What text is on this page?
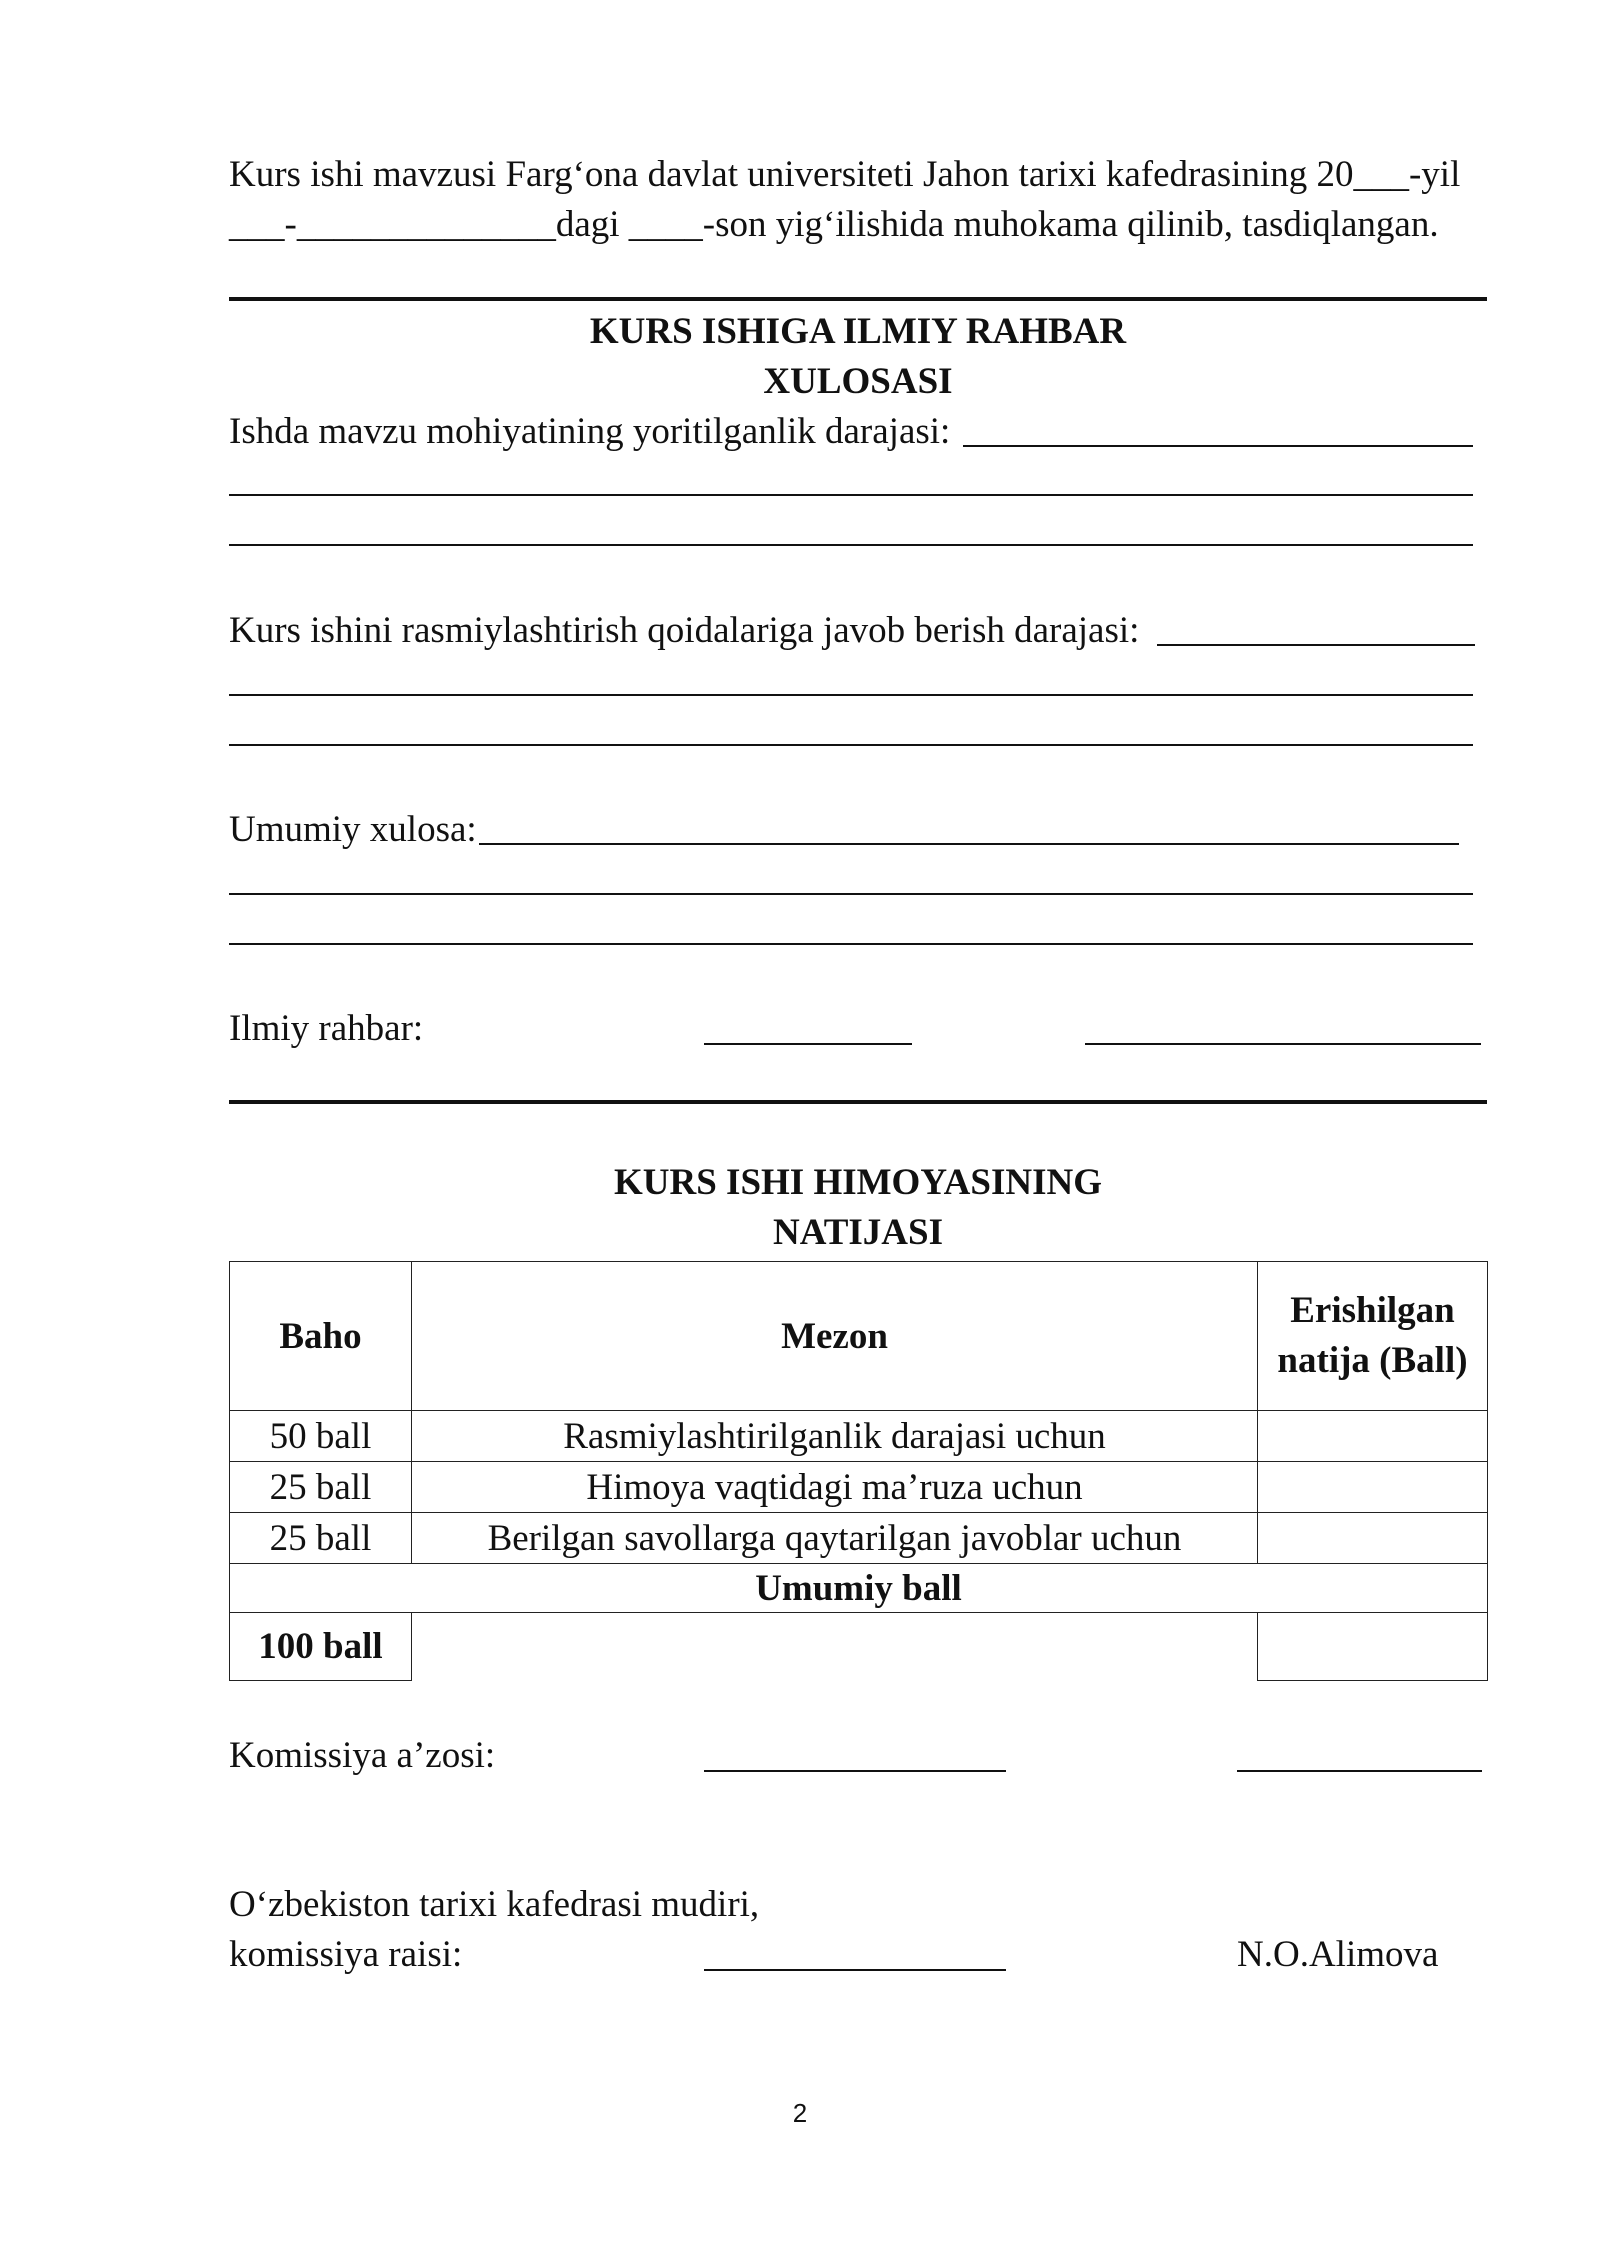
Kurs ishi mavzusi Farg‘ona davlat universiteti Jahon tarixi kafedrasining 20___-yil
___-______________dagi ____-son yig‘ilishida muhokama qilinib, tasdiqlangan.
KURS ISHIGA ILMIY RAHBAR
XULOSASI
Ishda mavzu mohiyatining yoritilganlik darajasi:
Kurs ishini rasmiylashtirish qoidalariga javob berish darajasi:
Umumiy xulosa:
Ilmiy rahbar:
KURS ISHI HIMOYASINING
NATIJASI
Baho	Mezon	Erishilgan natija (Ball)
50 ball	Rasmiylashtirilganlik darajasi uchun	
25 ball	Himoya vaqtidagi ma’ruza uchun	
25 ball	Berilgan savollarga qaytarilgan javoblar uchun	
Umumiy ball		
100 ball		
Komissiya a’zosi:
O‘zbekiston tarixi kafedrasi mudiri,
komissiya raisi:	N.O.Alimova
2
